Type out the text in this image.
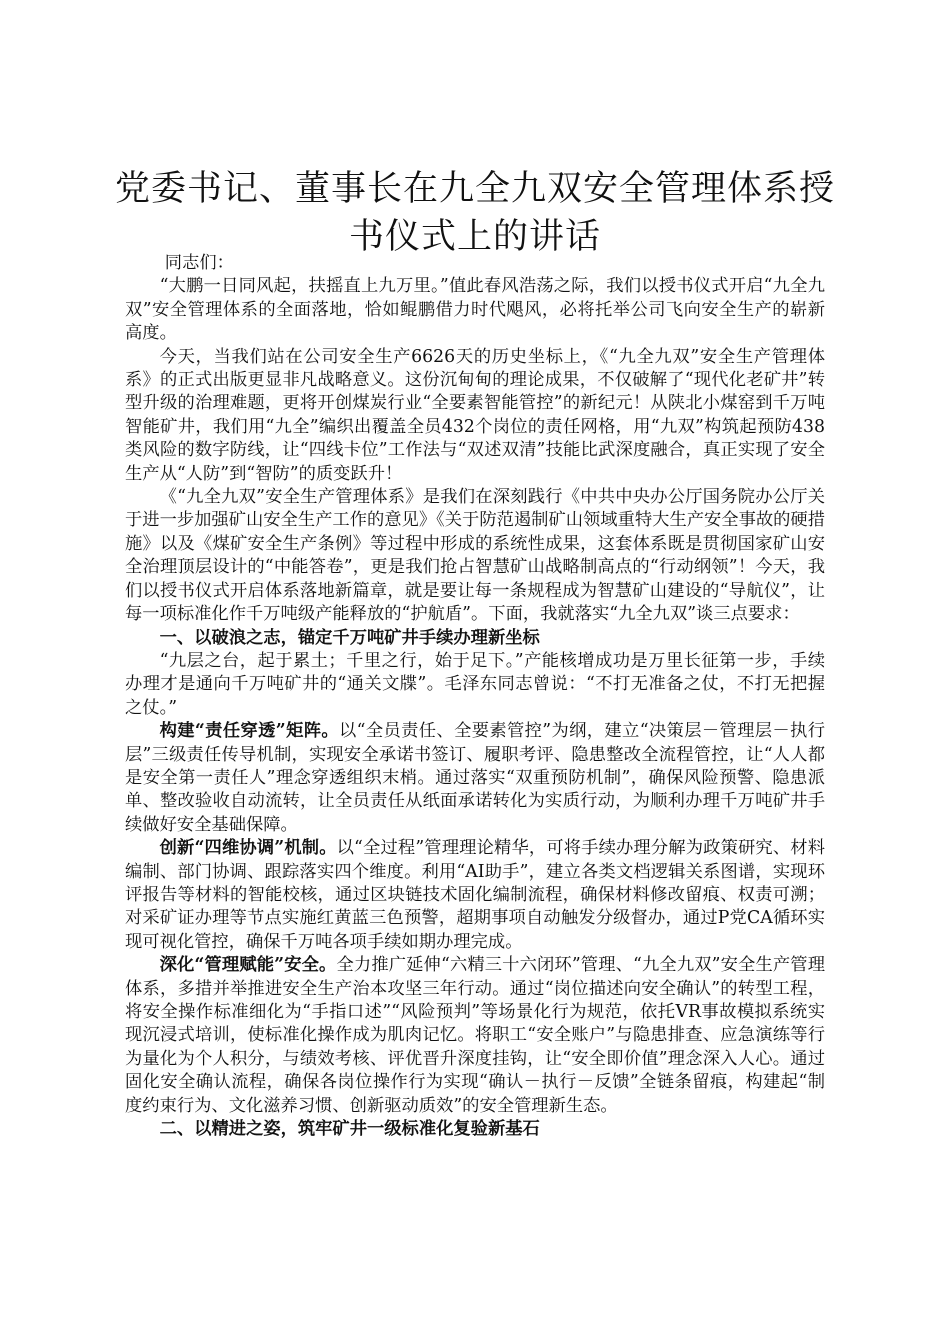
党委书记、董事长在九全九双安全管理体系授书仪式上的讲话

同志们：

“大鹏一日同风起，扶摇直上九万里。”值此春风浩荡之际，我们以授书仪式开启“九全九双”安全管理体系的全面落地，恰如鲲鹏借力时代飓风，必将托举公司飞向安全生产的崭新高度。

今天，当我们站在公司安全生产6626天的历史坐标上，《“九全九双”安全生产管理体系》的正式出版更显非凡战略意义。这份沉甸甸的理论成果，不仅破解了“现代化老矿井”转型升级的治理难题，更将开创煤炭行业“全要素智能管控”的新纪元！从陕北小煤窑到千万吨智能矿井，我们用“九全”编织出覆盖全员432个岗位的责任网格，用“九双”构筑起预防438类风险的数字防线，让“四线卡位”工作法与“双述双清”技能比武深度融合，真正实现了安全生产从“人防”到“智防”的质变跃升！

《“九全九双”安全生产管理体系》是我们在深刻践行《中共中央办公厅国务院办公厅关于进一步加强矿山安全生产工作的意见》《关于防范遏制矿山领域重特大生产安全事故的硬措施》以及《煤矿安全生产条例》等过程中形成的系统性成果，这套体系既是贯彻国家矿山安全治理顶层设计的“中能答卷”，更是我们抢占智慧矿山战略制高点的“行动纲领”！今天，我们以授书仪式开启体系落地新篇章，就是要让每一条规程成为智慧矿山建设的“导航仪”，让每一项标准化作千万吨级产能释放的“护航盾”。下面，我就落实“九全九双”谈三点要求：

一、以破浪之志，锚定千万吨矿井手续办理新坐标

“九层之台，起于累土；千里之行，始于足下。”产能核增成功是万里长征第一步，手续办理才是通向千万吨矿井的“通关文牒”。毛泽东同志曾说：“不打无准备之仗，不打无把握之仗。”

构建“责任穿透”矩阵。以“全员责任、全要素管控”为纲，建立“决策层－管理层－执行层”三级责任传导机制，实现安全承诺书签订、履职考评、隐患整改全流程管控，让“人人都是安全第一责任人”理念穿透组织末梢。通过落实“双重预防机制”，确保风险预警、隐患派单、整改验收自动流转，让全员责任从纸面承诺转化为实质行动，为顺利办理千万吨矿井手续做好安全基础保障。

创新“四维协调”机制。以“全过程”管理理论精华，可将手续办理分解为政策研究、材料编制、部门协调、跟踪落实四个维度。利用“AI助手”，建立各类文档逻辑关系图谱，实现环评报告等材料的智能校核，通过区块链技术固化编制流程，确保材料修改留痕、权责可溯；对采矿证办理等节点实施红黄蓝三色预警，超期事项自动触发分级督办，通过P党CA循环实现可视化管控，确保千万吨各项手续如期办理完成。

深化“管理赋能”安全。全力推广延伸“六精三十六闭环”管理、“九全九双”安全生产管理体系，多措并举推进安全生产治本攻坚三年行动。通过“岗位描述向安全确认”的转型工程，将安全操作标准细化为“手指口述”“风险预判”等场景化行为规范，依托VR事故模拟系统实现沉浸式培训，使标准化操作成为肌肉记忆。将职工“安全账户”与隐患排查、应急演练等行为量化为个人积分，与绩效考核、评优晋升深度挂钩，让“安全即价值”理念深入人心。通过固化安全确认流程，确保各岗位操作行为实现“确认－执行－反馈”全链条留痕，构建起“制度约束行为、文化滋养习惯、创新驱动质效”的安全管理新生态。

二、以精进之姿，筑牢矿井一级标准化复验新基石
